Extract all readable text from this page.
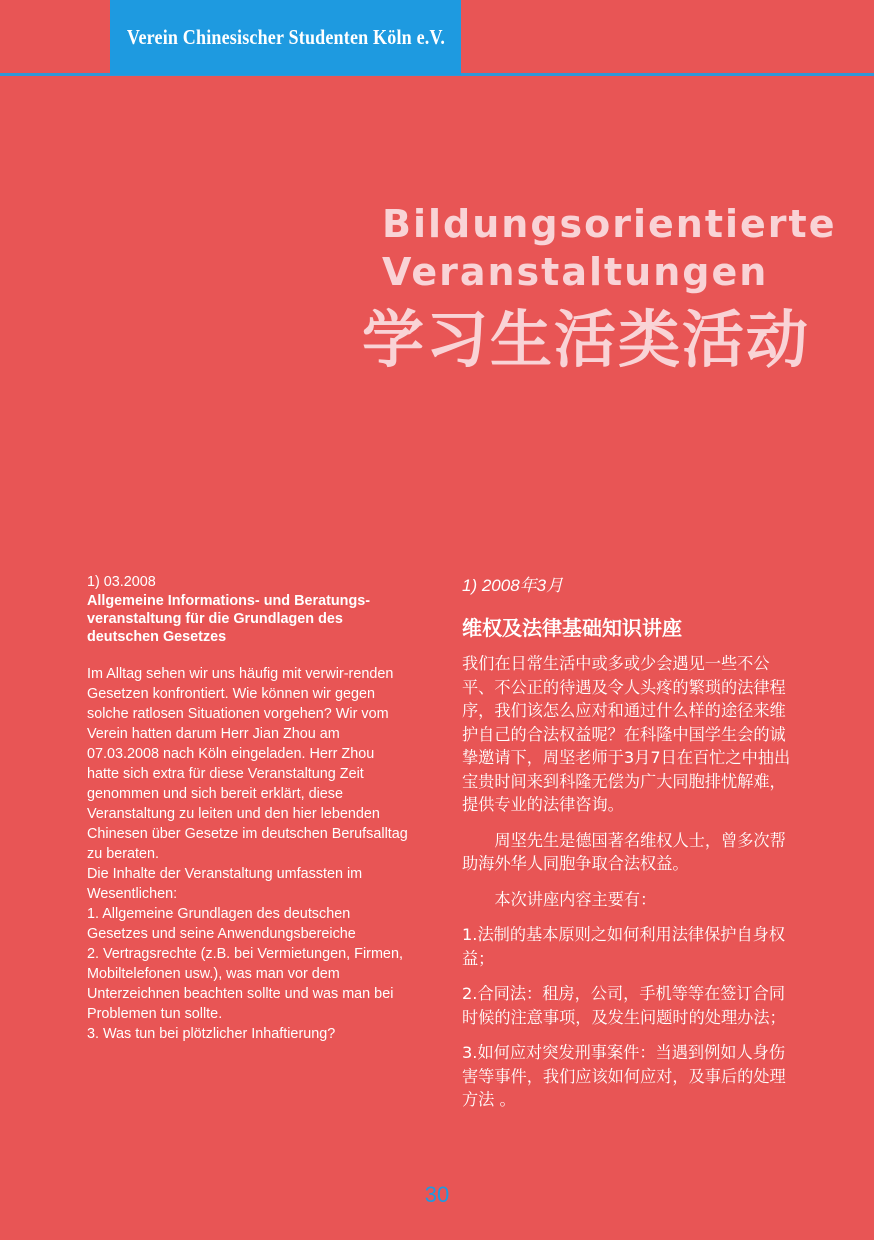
Verein Chinesischer Studenten Köln e.V.
Bildungsorientierte
Veranstaltungen
学习生活类活动
1) 03.2008
Allgemeine Informations- und Beratungs-veranstaltung für die Grundlagen des deutschen Gesetzes

Im Alltag sehen wir uns häufig mit verwir-renden Gesetzen konfrontiert. Wie können wir gegen solche ratlosen Situationen vorgehen? Wir vom Verein hatten darum Herr Jian Zhou am 07.03.2008 nach Köln eingeladen. Herr Zhou hatte sich extra für diese Veranstaltung Zeit genommen und sich bereit erklärt, diese Veranstaltung zu leiten und den hier lebenden Chinesen über Gesetze im deutschen Berufsalltag zu beraten.

Die Inhalte der Veranstaltung umfassten im Wesentlichen:

1. Allgemeine Grundlagen des deutschen Gesetzes und seine Anwendungsbereiche

2. Vertragsrechte (z.B. bei Vermietungen, Firmen, Mobiltelefonen usw.), was man vor dem Unterzeichnen beachten sollte und was man bei Problemen tun sollte.

3. Was tun bei plötzlicher Inhaftierung?

1) 2008年3月
维权及法律基础知识讲座

我们在日常生活中或多或少会遇见一些不公平、不公正的待遇及令人头疼的繁琐的法律程序，我们该怎么应对和通过什么样的途径来维护自己的合法权益呢？在科隆中国学生会的诚挚邀请下，周坚老师于3月7日在百忙之中抽出宝贵时间来到科隆无偿为广大同胞排忧解难，提供专业的法律咨询。

周坚先生是德国著名维权人士，曾多次帮助海外华人同胞争取合法权益。

本次讲座内容主要有：

1.法制的基本原则之如何利用法律保护自身权益；

2.合同法：租房，公司，手机等等在签订合同时候的注意事项，及发生问题时的处理办法；

3.如何应对突发刑事案件：当遇到例如人身伤害等事件，我们应该如何应对，及事后的处理方法 。

30
